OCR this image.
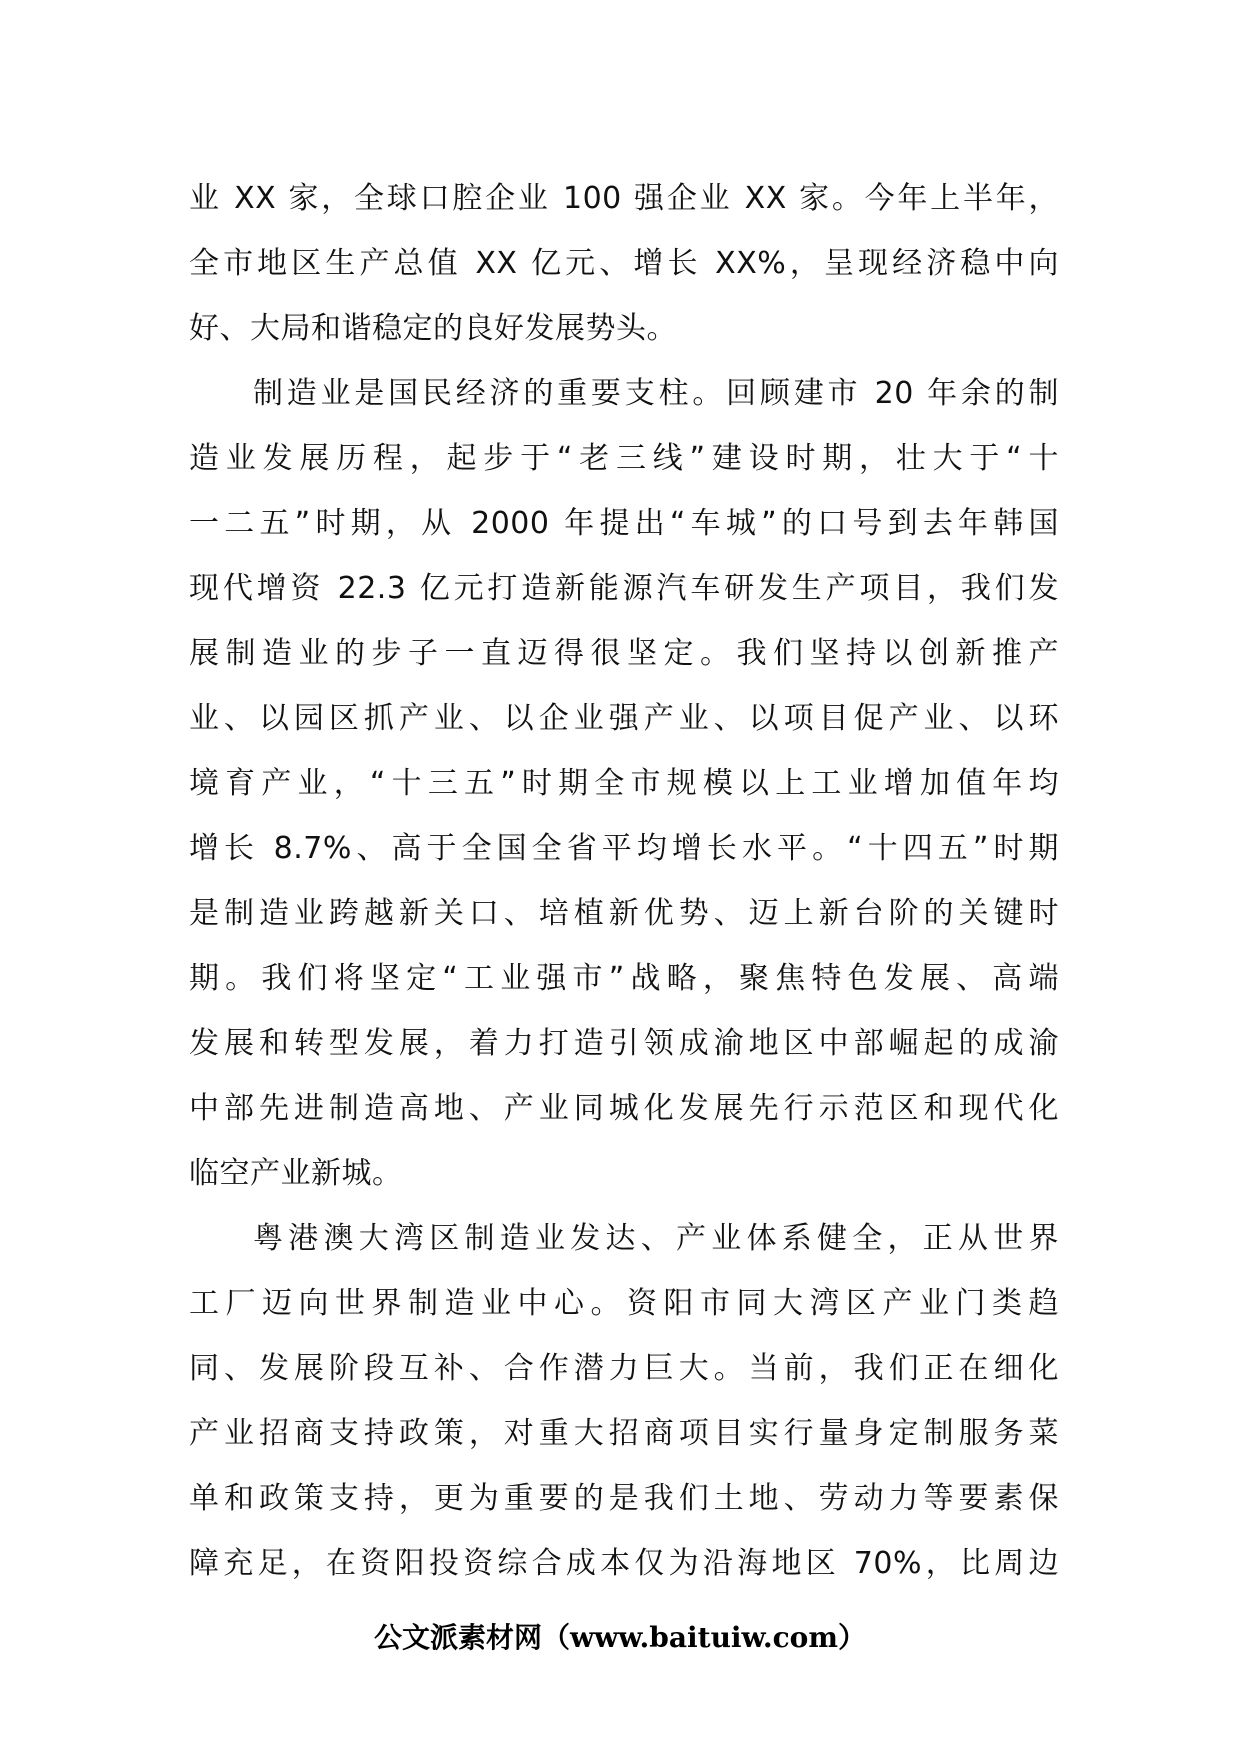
业 XX 家，全球口腔企业 100 强企业 XX 家。今年上半年，
全市地区生产总值 XX 亿元、增长 XX%，呈现经济稳中向
好、大局和谐稳定的良好发展势头。
制造业是国民经济的重要支柱。回顾建市 20 年余的制
造业发展历程，起步于“老三线”建设时期，壮大于“十
一二五”时期，从 2000 年提出“车城”的口号到去年韩国
现代增资 22.3 亿元打造新能源汽车研发生产项目，我们发
展制造业的步子一直迈得很坚定。我们坚持以创新推产
业、以园区抓产业、以企业强产业、以项目促产业、以环
境育产业，“十三五”时期全市规模以上工业增加值年均
增长 8.7%、高于全国全省平均增长水平。“十四五”时期
是制造业跨越新关口、培植新优势、迈上新台阶的关键时
期。我们将坚定“工业强市”战略，聚焦特色发展、高端
发展和转型发展，着力打造引领成渝地区中部崛起的成渝
中部先进制造高地、产业同城化发展先行示范区和现代化
临空产业新城。
粤港澳大湾区制造业发达、产业体系健全，正从世界
工厂迈向世界制造业中心。资阳市同大湾区产业门类趋
同、发展阶段互补、合作潜力巨大。当前，我们正在细化
产业招商支持政策，对重大招商项目实行量身定制服务菜
单和政策支持，更为重要的是我们土地、劳动力等要素保
障充足，在资阳投资综合成本仅为沿海地区 70%，比周边
公文派素材网（www.baituiw.com）
